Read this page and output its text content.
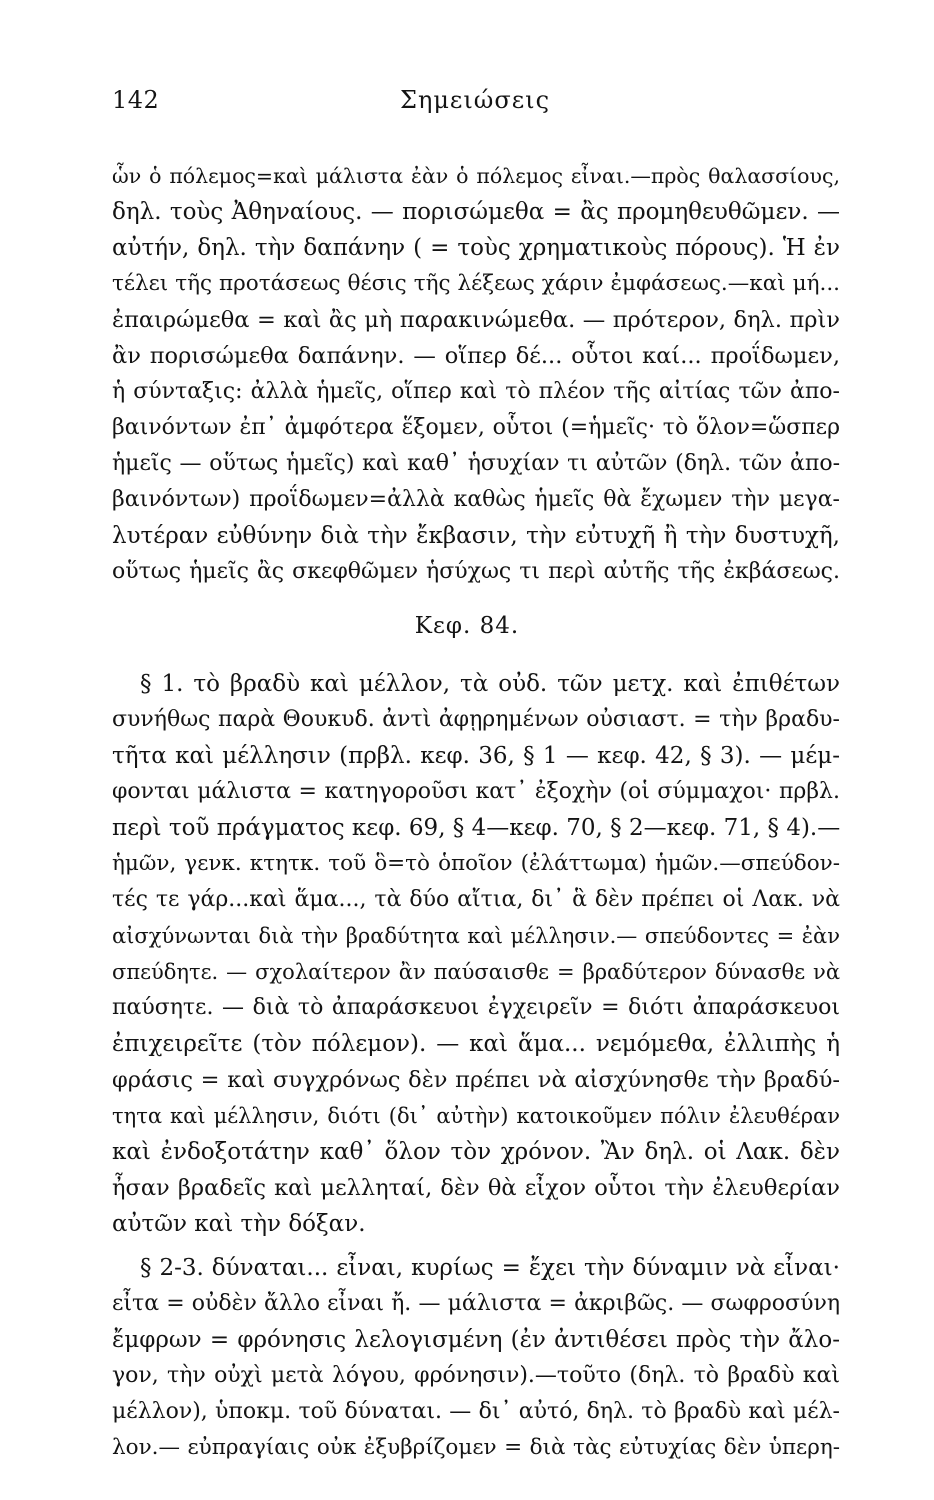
142	Σημειώσεις
ὧν ὁ πόλεμος=καὶ μάλιστα ἐὰν ὁ πόλεμος εἶναι.—πρὸς θαλασσίους,
δηλ. τοὺς Ἀθηναίους. — πορισώμεθα = ἂς προμηθευθῶμεν. —
αὐτήν, δηλ. τὴν δαπάνην ( = τοὺς χρηματικοὺς πόρους). Ἡ ἐν
τέλει τῆς προτάσεως θέσις τῆς λέξεως χάριν ἐμφάσεως.—καὶ μή...
ἐπαιρώμεθα = καὶ ἂς μὴ παρακινώμεθα. — πρότερον, δηλ. πρὶν
ἂν πορισώμεθα δαπάνην. — οἵπερ δέ... οὗτοι καί... προΐδωμεν,
ἡ σύνταξις: ἀλλὰ ἡμεῖς, οἵπερ καὶ τὸ πλέον τῆς αἰτίας τῶν ἀπο-
βαινόντων ἐπ᾽ ἀμφότερα ἕξομεν, οὗτοι (=ἡμεῖς· τὸ ὅλον=ὥσπερ
ἡμεῖς — οὕτως ἡμεῖς) καὶ καθ᾽ ἡσυχίαν τι αὐτῶν (δηλ. τῶν ἀπο-
βαινόντων) προΐδωμεν=ἀλλὰ καθὼς ἡμεῖς θὰ ἔχωμεν τὴν μεγα-
λυτέραν εὐθύνην διὰ τὴν ἔκβασιν, τὴν εὐτυχῆ ἢ τὴν δυστυχῆ,
οὕτως ἡμεῖς ἂς σκεφθῶμεν ἡσύχως τι περὶ αὐτῆς τῆς ἐκβάσεως.
Κεφ. 84.
§ 1. τὸ βραδὺ καὶ μέλλον, τὰ οὐδ. τῶν μετχ. καὶ ἐπιθέτων
συνήθως παρὰ Θουκυδ. ἀντὶ ἀφῃρημένων οὐσιαστ. = τὴν βραδυ-
τῆτα καὶ μέλλησιν (πρβλ. κεφ. 36, § 1 — κεφ. 42, § 3). — μέμ-
φονται μάλιστα = κατηγοροῦσι κατ᾽ ἐξοχὴν (οἱ σύμμαχοι· πρβλ.
περὶ τοῦ πράγματος κεφ. 69, § 4—κεφ. 70, § 2—κεφ. 71, § 4).—
ἡμῶν, γενκ. κτητκ. τοῦ ὃ=τὸ ὁποῖον (ἐλάττωμα) ἡμῶν.—σπεύδον-
τές τε γάρ...καὶ ἅμα..., τὰ δύο αἴτια, δι᾽ ἃ δὲν πρέπει οἱ Λακ. νὰ
αἰσχύνωνται διὰ τὴν βραδύτητα καὶ μέλλησιν.— σπεύδοντες = ἐὰν
σπεύδητε. — σχολαίτερον ἂν παύσαισθε = βραδύτερον δύνασθε νὰ
παύσητε. — διὰ τὸ ἀπαράσκευοι ἐγχειρεῖν = διότι ἀπαράσκευοι
ἐπιχειρεῖτε (τὸν πόλεμον). — καὶ ἅμα... νεμόμεθα, ἐλλιπὴς ἡ
φράσις = καὶ συγχρόνως δὲν πρέπει νὰ αἰσχύνησθε τὴν βραδύ-
τητα καὶ μέλλησιν, διότι (δι᾽ αὐτὴν) κατοικοῦμεν πόλιν ἐλευθέραν
καὶ ἐνδοξοτάτην καθ᾽ ὅλον τὸν χρόνον. Ἂν δηλ. οἱ Λακ. δὲν
ἦσαν βραδεῖς καὶ μελληταί, δὲν θὰ εἶχον οὗτοι τὴν ἐλευθερίαν
αὐτῶν καὶ τὴν δόξαν.
§ 2-3. δύναται... εἶναι, κυρίως = ἔχει τὴν δύναμιν νὰ εἶναι·
εἶτα = οὐδὲν ἄλλο εἶναι ἤ. — μάλιστα = ἀκριβῶς. — σωφροσύνη
ἔμφρων = φρόνησις λελογισμένη (ἐν ἀντιθέσει πρὸς τὴν ἄλο-
γον, τὴν οὐχὶ μετὰ λόγου, φρόνησιν).—τοῦτο (δηλ. τὸ βραδὺ καὶ
μέλλον), ὑποκμ. τοῦ δύναται. — δι᾽ αὐτό, δηλ. τὸ βραδὺ καὶ μέλ-
λον.— εὐπραγίαις οὐκ ἐξυβρίζομεν = διὰ τὰς εὐτυχίας δὲν ὑπερη-
